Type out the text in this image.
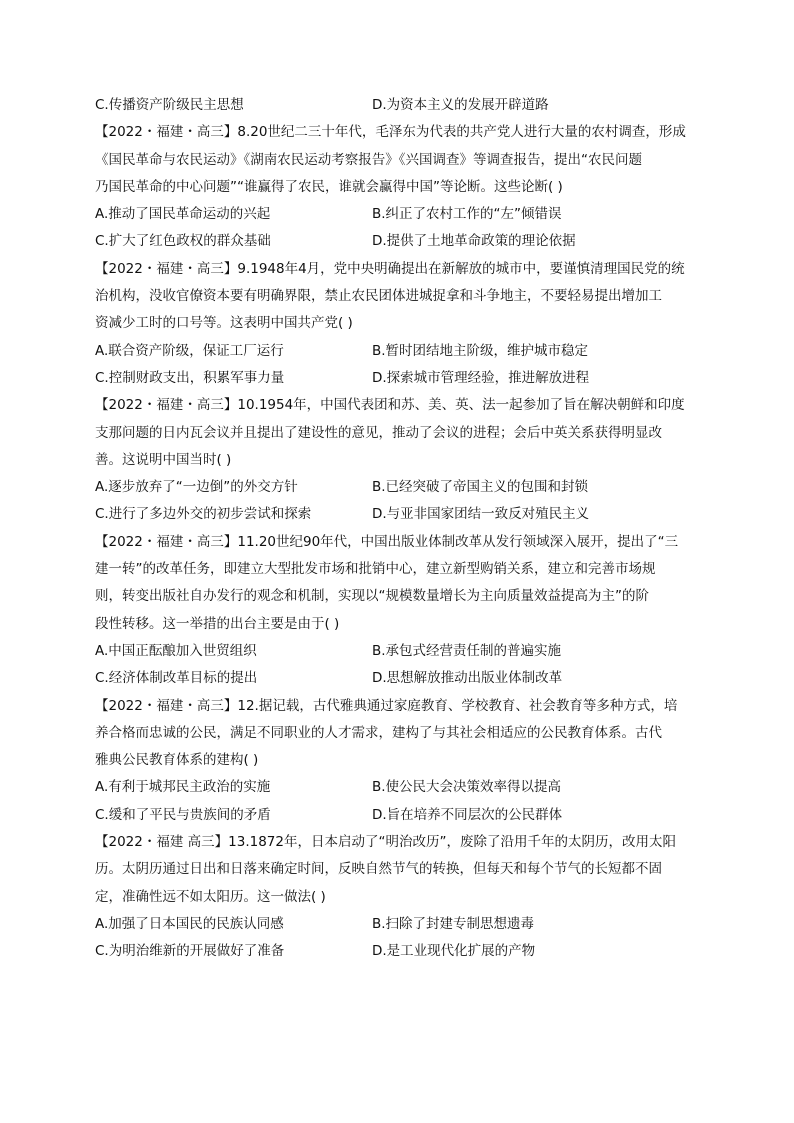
C.传播资产阶级民主思想	D.为资本主义的发展开辟道路
【2022・福建・高三】8.20世纪二三十年代，毛泽东为代表的共产党人进行大量的农村调查，形成
《国民革命与农民运动》《湖南农民运动考察报告》《兴国调查》等调查报告，提出“农民问题
乃国民革命的中心问题”“谁赢得了农民，谁就会赢得中国”等论断。这些论断( )
A.推动了国民革命运动的兴起	B.纠正了农村工作的“左”倾错误
C.扩大了红色政权的群众基础	D.提供了土地革命政策的理论依据
【2022・福建・高三】9.1948年4月，党中央明确提出在新解放的城市中，要谨慎清理国民党的统
治机构，没收官僚资本要有明确界限，禁止农民团体进城捉拿和斗争地主，不要轻易提出增加工
资减少工时的口号等。这表明中国共产党( )
A.联合资产阶级，保证工厂运行	B.暂时团结地主阶级，维护城市稳定
C.控制财政支出，积累军事力量	D.探索城市管理经验，推进解放进程
【2022・福建・高三】10.1954年，中国代表团和苏、美、英、法一起参加了旨在解决朝鲜和印度
支那问题的日内瓦会议并且提出了建设性的意见，推动了会议的进程；会后中英关系获得明显改
善。这说明中国当时( )
A.逐步放弃了“一边倒”的外交方针	B.已经突破了帝国主义的包围和封锁
C.进行了多边外交的初步尝试和探索	D.与亚非国家团结一致反对殖民主义
【2022・福建・高三】11.20世纪90年代，中国出版业体制改革从发行领域深入展开，提出了“三
建一转”的改革任务，即建立大型批发市场和批销中心，建立新型购销关系，建立和完善市场规
则，转变出版社自办发行的观念和机制，实现以“规模数量增长为主向质量效益提高为主”的阶
段性转移。这一举措的出台主要是由于( )
A.中国正酝酿加入世贸组织	B.承包式经营责任制的普遍实施
C.经济体制改革目标的提出	D.思想解放推动出版业体制改革
【2022・福建・高三】12.据记载，古代雅典通过家庭教育、学校教育、社会教育等多种方式，培
养合格而忠诚的公民，满足不同职业的人才需求，建构了与其社会相适应的公民教育体系。古代
雅典公民教育体系的建构( )
A.有利于城邦民主政治的实施	B.使公民大会决策效率得以提高
C.缓和了平民与贵族间的矛盾	D.旨在培养不同层次的公民群体
【2022・福建 高三】13.1872年，日本启动了“明治改历”，废除了沿用千年的太阴历，改用太阳
历。太阴历通过日出和日落来确定时间，反映自然节气的转换，但每天和每个节气的长短都不固
定，准确性远不如太阳历。这一做法( )
A.加强了日本国民的民族认同感	B.扫除了封建专制思想遗毒
C.为明治维新的开展做好了准备	D.是工业现代化扩展的产物
